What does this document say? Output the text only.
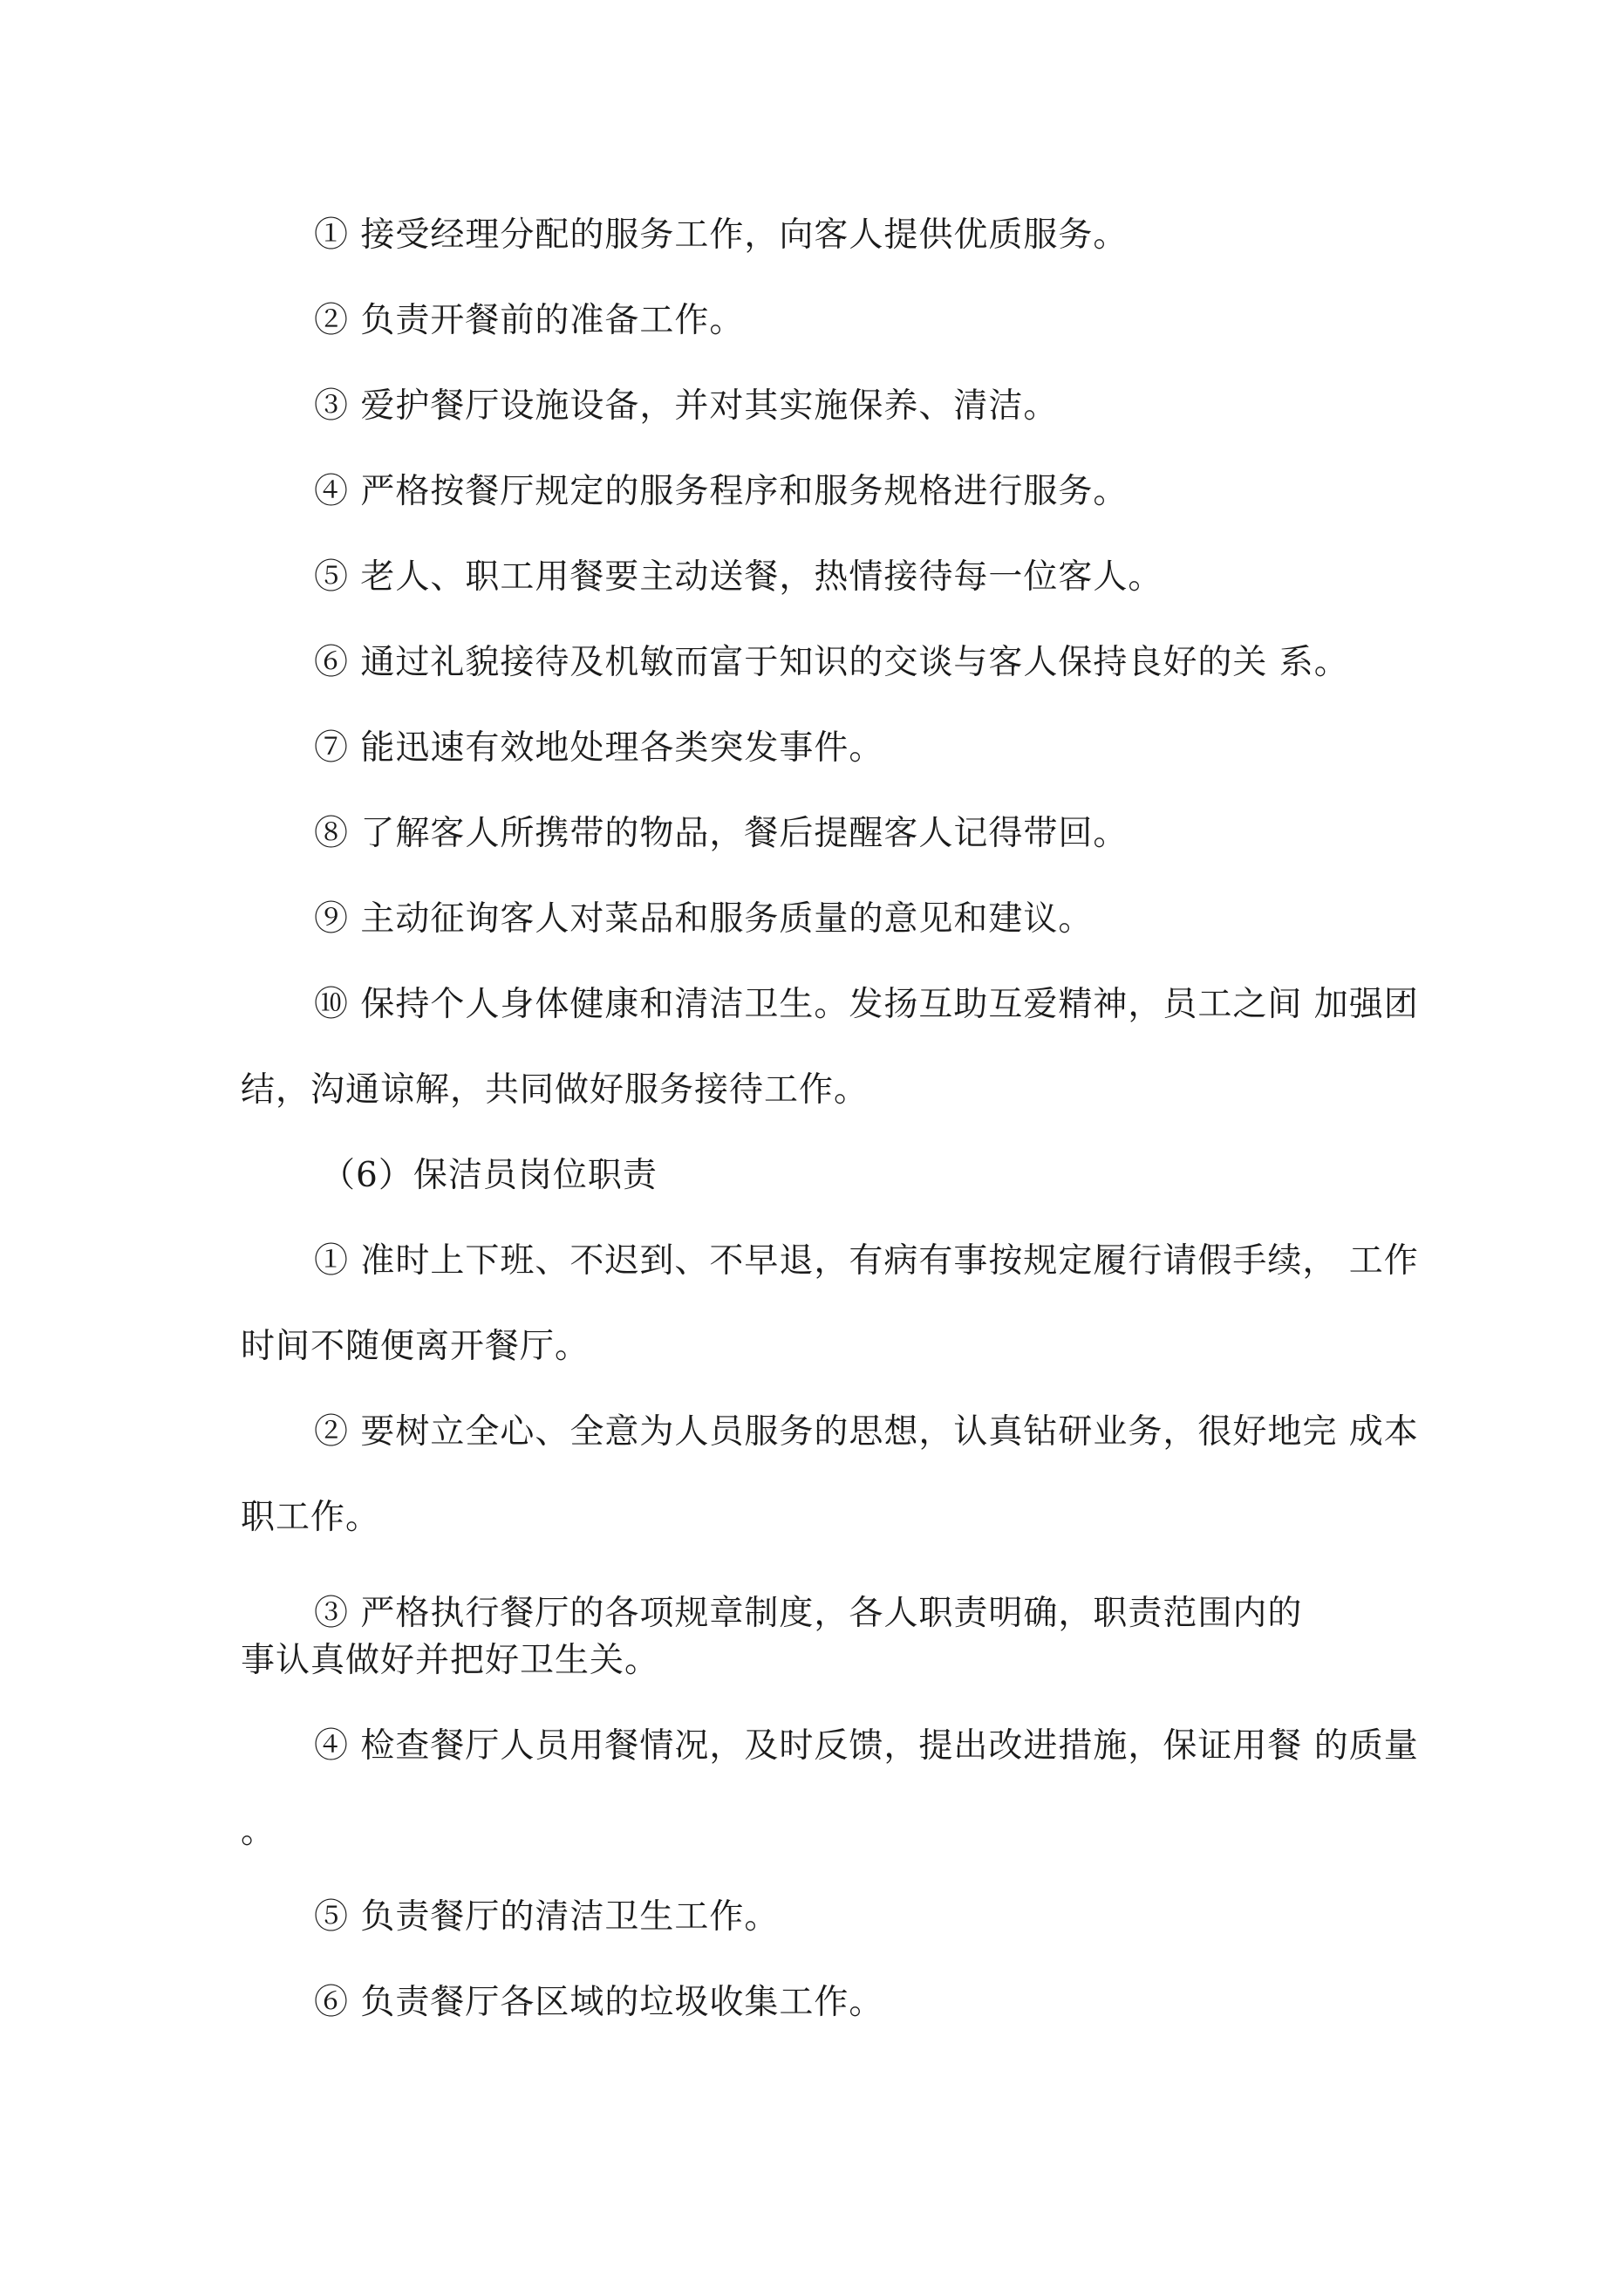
① 接受经理分配的服务工作，向客人提供优质服务。
② 负责开餐前的准备工作。
③ 爱护餐厅设施设备，并对其实施保养、清洁。
④ 严格按餐厅规定的服务程序和服务规格进行服务。
⑤ 老人、职工用餐要主动送餐，热情接待每一位客人。
⑥ 通过礼貌接待及机敏而富于知识的交谈与客人保持良好的关 系。
⑦ 能迅速有效地处理各类突发事件。
⑧ 了解客人所携带的物品，餐后提醒客人记得带回。
⑨ 主动征询客人对菜品和服务质量的意见和建议。
⑩ 保持个人身体健康和清洁卫生。发扬互助互爱精神，员工之间 加强团
结，沟通谅解，共同做好服务接待工作。
（6）保洁员岗位职责
① 准时上下班、不迟到、不早退，有病有事按规定履行请假手续， 工作
时间不随便离开餐厅。
② 要树立全心、全意为人员服务的思想，认真钻研业务，很好地完 成本
职工作。
③ 严格执行餐厅的各项规章制度，各人职责明确，职责范围内的
事认真做好并把好卫生关。
④ 检查餐厅人员用餐情况，及时反馈，提出改进措施，保证用餐 的质量
。
⑤ 负责餐厅的清洁卫生工作。
⑥ 负责餐厅各区域的垃圾收集工作。
